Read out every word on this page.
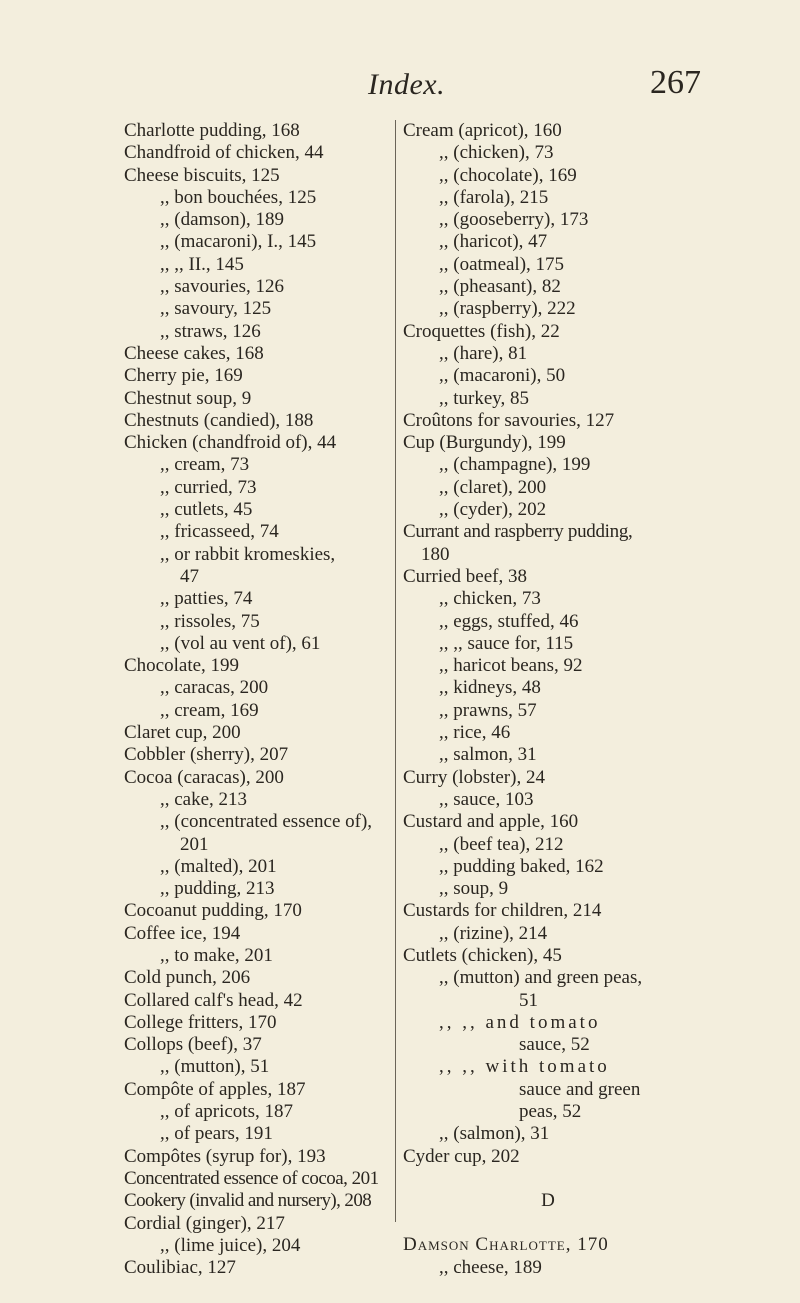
Index.	267
Charlotte pudding, 168
Chandfroid of chicken, 44
Cheese biscuits, 125
,, bon bouchées, 125
,, (damson), 189
,, (macaroni), I., 145
,, ,, II., 145
,, savouries, 126
,, savoury, 125
,, straws, 126
Cheese cakes, 168
Cherry pie, 169
Chestnut soup, 9
Chestnuts (candied), 188
Chicken (chandfroid of), 44
,, cream, 73
,, curried, 73
,, cutlets, 45
,, fricasseed, 74
,, or rabbit kromeskies,
47
,, patties, 74
,, rissoles, 75
,, (vol au vent of), 61
Chocolate, 199
,, caracas, 200
,, cream, 169
Claret cup, 200
Cobbler (sherry), 207
Cocoa (caracas), 200
,, cake, 213
,, (concentrated essence of),
201
,, (malted), 201
,, pudding, 213
Cocoanut pudding, 170
Coffee ice, 194
,, to make, 201
Cold punch, 206
Collared calf's head, 42
College fritters, 170
Collops (beef), 37
,, (mutton), 51
Compôte of apples, 187
,, of apricots, 187
,, of pears, 191
Compôtes (syrup for), 193
Concentrated essence of cocoa, 201
Cookery (invalid and nursery), 208
Cordial (ginger), 217
,, (lime juice), 204
Coulibiac, 127
Cream (apricot), 160
,, (chicken), 73
,, (chocolate), 169
,, (farola), 215
,, (gooseberry), 173
,, (haricot), 47
,, (oatmeal), 175
,, (pheasant), 82
,, (raspberry), 222
Croquettes (fish), 22
,, (hare), 81
,, (macaroni), 50
,, turkey, 85
Croûtons for savouries, 127
Cup (Burgundy), 199
,, (champagne), 199
,, (claret), 200
,, (cyder), 202
Currant and raspberry pudding,
180
Curried beef, 38
,, chicken, 73
,, eggs, stuffed, 46
,, ,, sauce for, 115
,, haricot beans, 92
,, kidneys, 48
,, prawns, 57
,, rice, 46
,, salmon, 31
Curry (lobster), 24
,, sauce, 103
Custard and apple, 160
,, (beef tea), 212
,, pudding baked, 162
,, soup, 9
Custards for children, 214
,, (rizine), 214
Cutlets (chicken), 45
,, (mutton) and green peas,
51
,, ,, and tomato
sauce, 52
,, ,, with tomato
sauce and green
peas, 52
,, (salmon), 31
Cyder cup, 202
D
Damson Charlotte, 170
,, cheese, 189
